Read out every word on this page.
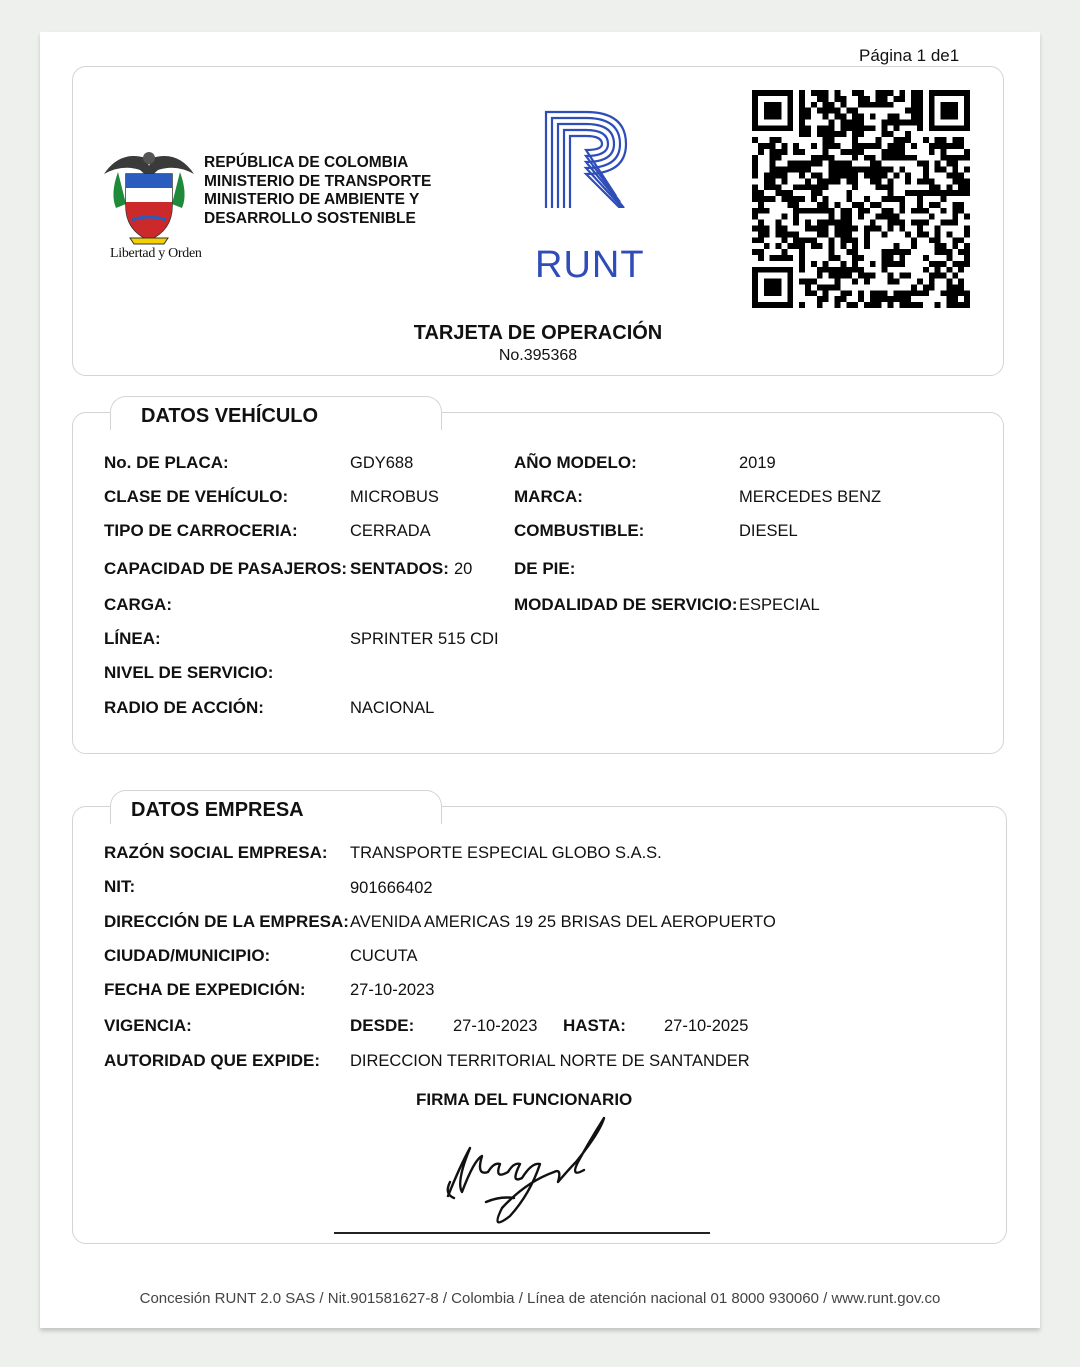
Página 1 de1
REPÚBLICA DE COLOMBIA
MINISTERIO DE TRANSPORTE
MINISTERIO DE AMBIENTE Y
DESARROLLO SOSTENIBLE
Libertad y Orden	RUNT
TARJETA DE OPERACIÓN
No.395368
DATOS VEHÍCULO
No. DE PLACA:	GDY688	AÑO MODELO:	2019
CLASE DE VEHÍCULO:	MICROBUS	MARCA:	MERCEDES BENZ
TIPO DE CARROCERIA:	CERRADA	COMBUSTIBLE:	DIESEL
CAPACIDAD DE PASAJEROS: SENTADOS: 20 DE PIE:
CARGA:	MODALIDAD DE SERVICIO: ESPECIAL
LÍNEA:	SPRINTER 515 CDI
NIVEL DE SERVICIO:
RADIO DE ACCIÓN:	NACIONAL
DATOS EMPRESA
RAZÓN SOCIAL EMPRESA: TRANSPORTE ESPECIAL GLOBO S.A.S.
NIT:	901666402
DIRECCIÓN DE LA EMPRESA: AVENIDA AMERICAS 19 25 BRISAS DEL AEROPUERTO
CIUDAD/MUNICIPIO:	CUCUTA
FECHA DE EXPEDICIÓN:	27-10-2023
VIGENCIA:	DESDE: 27-10-2023 HASTA: 27-10-2025
AUTORIDAD QUE EXPIDE: DIRECCION TERRITORIAL NORTE DE SANTANDER
FIRMA DEL FUNCIONARIO
Concesión RUNT 2.0 SAS / Nit.901581627-8 / Colombia / Línea de atención nacional 01 8000 930060 / www.runt.gov.co
